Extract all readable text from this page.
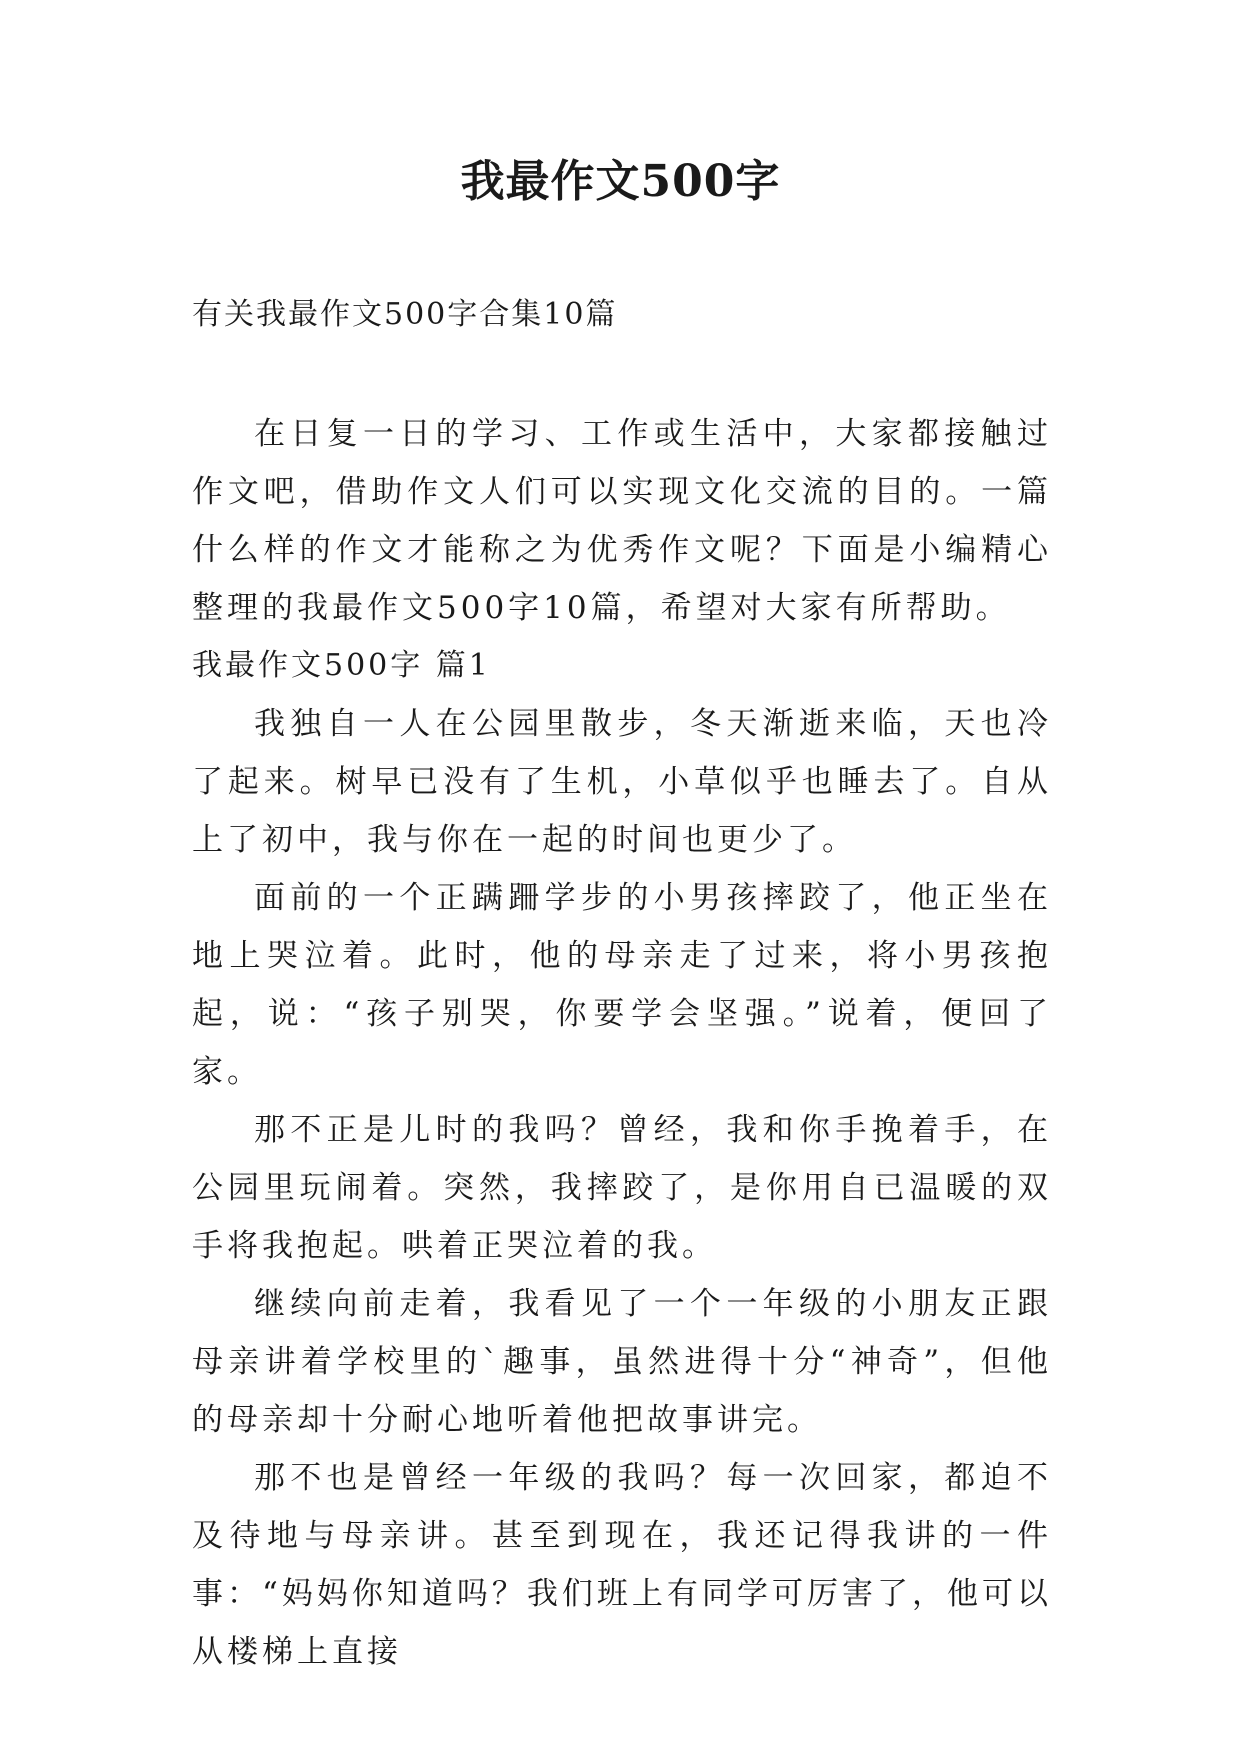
我最作文500字
有关我最作文500字合集10篇

在日复一日的学习、工作或生活中，大家都接触过作文吧，借助作文人们可以实现文化交流的目的。一篇什么样的作文才能称之为优秀作文呢？下面是小编精心整理的我最作文500字10篇，希望对大家有所帮助。

我最作文500字 篇1

我独自一人在公园里散步，冬天渐逝来临，天也冷了起来。树早已没有了生机，小草似乎也睡去了。自从上了初中，我与你在一起的时间也更少了。

面前的一个正蹒跚学步的小男孩摔跤了，他正坐在地上哭泣着。此时，他的母亲走了过来，将小男孩抱起，说：“孩子别哭，你要学会坚强。”说着，便回了家。

那不正是儿时的我吗？曾经，我和你手挽着手，在公园里玩闹着。突然，我摔跤了，是你用自已温暖的双手将我抱起。哄着正哭泣着的我。

继续向前走着，我看见了一个一年级的小朋友正跟母亲讲着学校里的`趣事，虽然进得十分“神奇”，但他的母亲却十分耐心地听着他把故事讲完。

那不也是曾经一年级的我吗？每一次回家，都迫不及待地与母亲讲。甚至到现在，我还记得我讲的一件事：“妈妈你知道吗？我们班上有同学可厉害了，他可以从楼梯上直接
